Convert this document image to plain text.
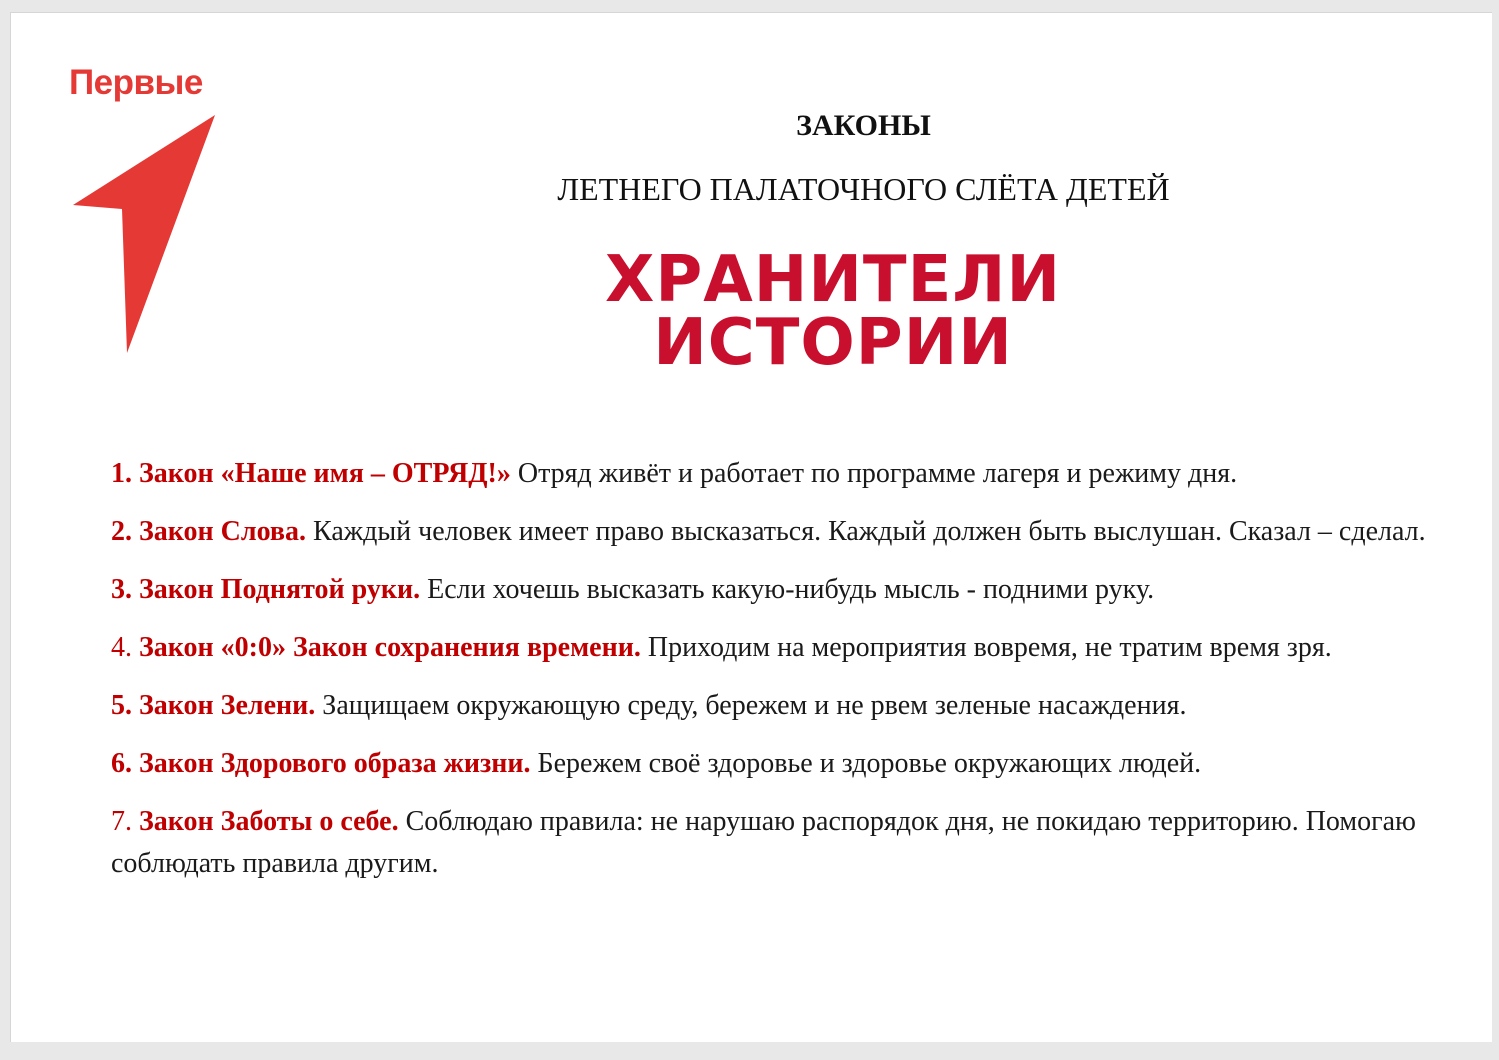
Первые
ЗАКОНЫ
ЛЕТНЕГО ПАЛАТОЧНОГО СЛЁТА ДЕТЕЙ
ХРАНИТЕЛИ
ИСТОРИИ

1. Закон «Наше имя – ОТРЯД!» Отряд живёт и работает по программе лагеря и режиму дня.

2. Закон Слова. Каждый человек имеет право высказаться. Каждый должен быть выслушан. Сказал – сделал.

3. Закон Поднятой руки. Если хочешь высказать какую-нибудь мысль - подними руку.

4. Закон «0:0» Закон сохранения времени. Приходим на мероприятия вовремя, не тратим время зря.

5. Закон Зелени. Защищаем окружающую среду, бережем и не рвем зеленые насаждения.

6. Закон Здорового образа жизни. Бережем своё здоровье и здоровье окружающих людей.

7. Закон Заботы о себе. Соблюдаю правила: не нарушаю распорядок дня, не покидаю территорию. Помогаю соблюдать правила другим.
